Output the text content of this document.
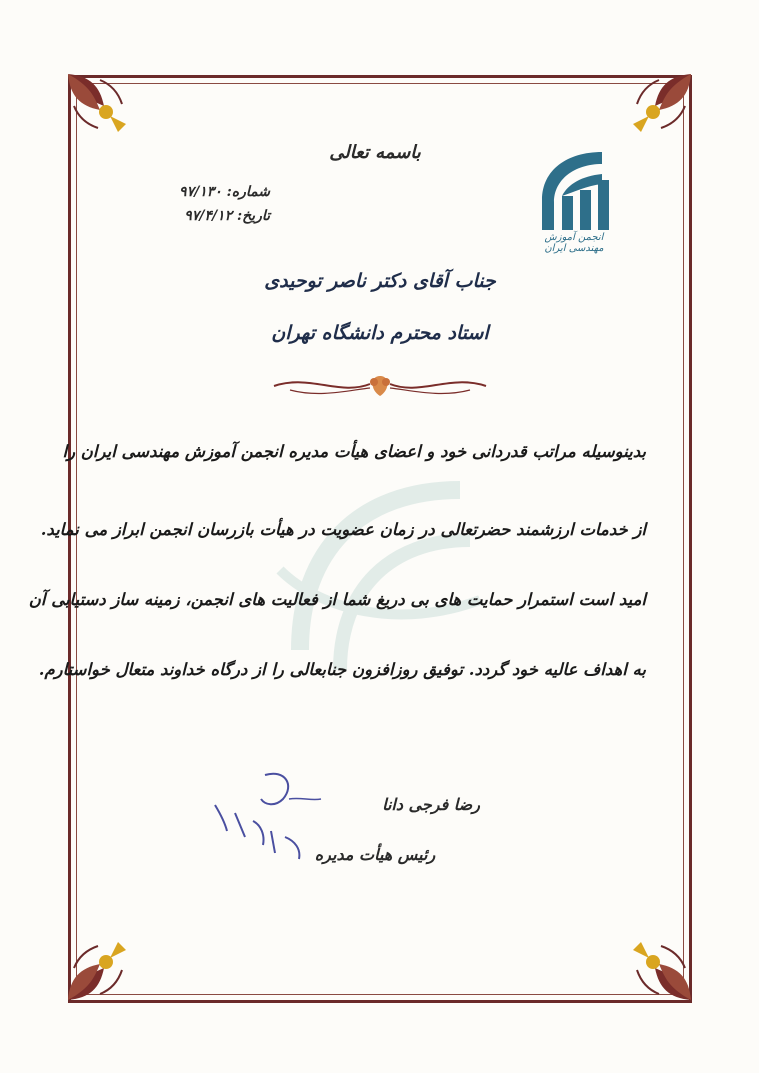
باسمه تعالی
شماره: ۹۷/۱۳۰
تاریخ: ۹۷/۴/۱۲
انجمن آموزش مهندسی ایران
جناب آقای دکتر ناصر توحیدی
استاد محترم دانشگاه تهران
بدینوسیله مراتب قدردانی خود و اعضای هیأت مدیره انجمن آموزش مهندسی ایران را
از خدمات ارزشمند حضرتعالی در زمان عضویت در هیأت بازرسان انجمن ابراز می نماید.
امید است استمرار حمایت های بی دریغ شما از فعالیت های انجمن، زمینه ساز دستیابی آن
به اهداف عالیه خود گردد. توفیق روزافزون جنابعالی را از درگاه خداوند متعال خواستارم.
رضا فرجی دانا
رئیس هیأت مدیره
